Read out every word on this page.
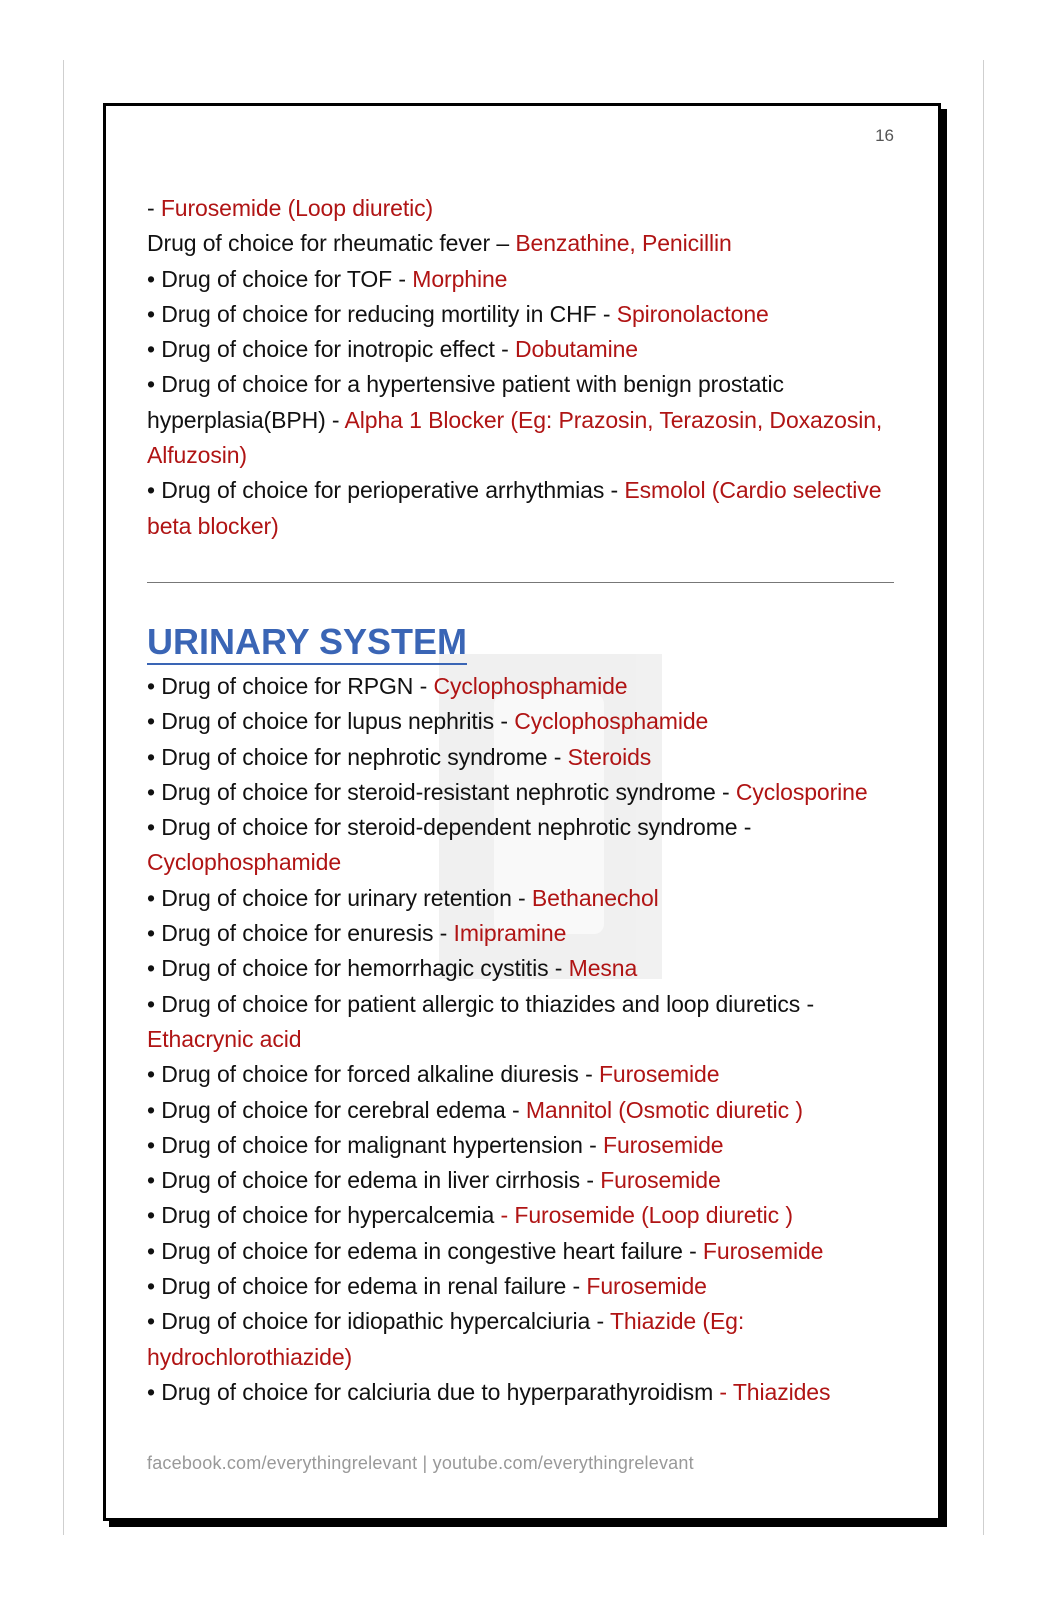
16
- Furosemide (Loop diuretic)
Drug of choice for rheumatic fever – Benzathine, Penicillin
• Drug of choice for TOF - Morphine
• Drug of choice for reducing mortility in CHF - Spironolactone
• Drug of choice for inotropic effect - Dobutamine
• Drug of choice for a hypertensive patient with benign prostatic
hyperplasia(BPH) - Alpha 1 Blocker (Eg: Prazosin, Terazosin, Doxazosin,
Alfuzosin)
• Drug of choice for perioperative arrhythmias - Esmolol (Cardio selective
beta blocker)
URINARY SYSTEM
• Drug of choice for RPGN - Cyclophosphamide
• Drug of choice for lupus nephritis - Cyclophosphamide
• Drug of choice for nephrotic syndrome - Steroids
• Drug of choice for steroid-resistant nephrotic syndrome - Cyclosporine
• Drug of choice for steroid-dependent nephrotic syndrome -
Cyclophosphamide
• Drug of choice for urinary retention - Bethanechol
• Drug of choice for enuresis - Imipramine
• Drug of choice for hemorrhagic cystitis - Mesna
• Drug of choice for patient allergic to thiazides and loop diuretics -
Ethacrynic acid
• Drug of choice for forced alkaline diuresis - Furosemide
• Drug of choice for cerebral edema - Mannitol (Osmotic diuretic )
• Drug of choice for malignant hypertension - Furosemide
• Drug of choice for edema in liver cirrhosis - Furosemide
• Drug of choice for hypercalcemia - Furosemide (Loop diuretic )
• Drug of choice for edema in congestive heart failure - Furosemide
• Drug of choice for edema in renal failure - Furosemide
• Drug of choice for idiopathic hypercalciuria - Thiazide (Eg:
hydrochlorothiazide)
• Drug of choice for calciuria due to hyperparathyroidism - Thiazides
facebook.com/everythingrelevant | youtube.com/everythingrelevant
